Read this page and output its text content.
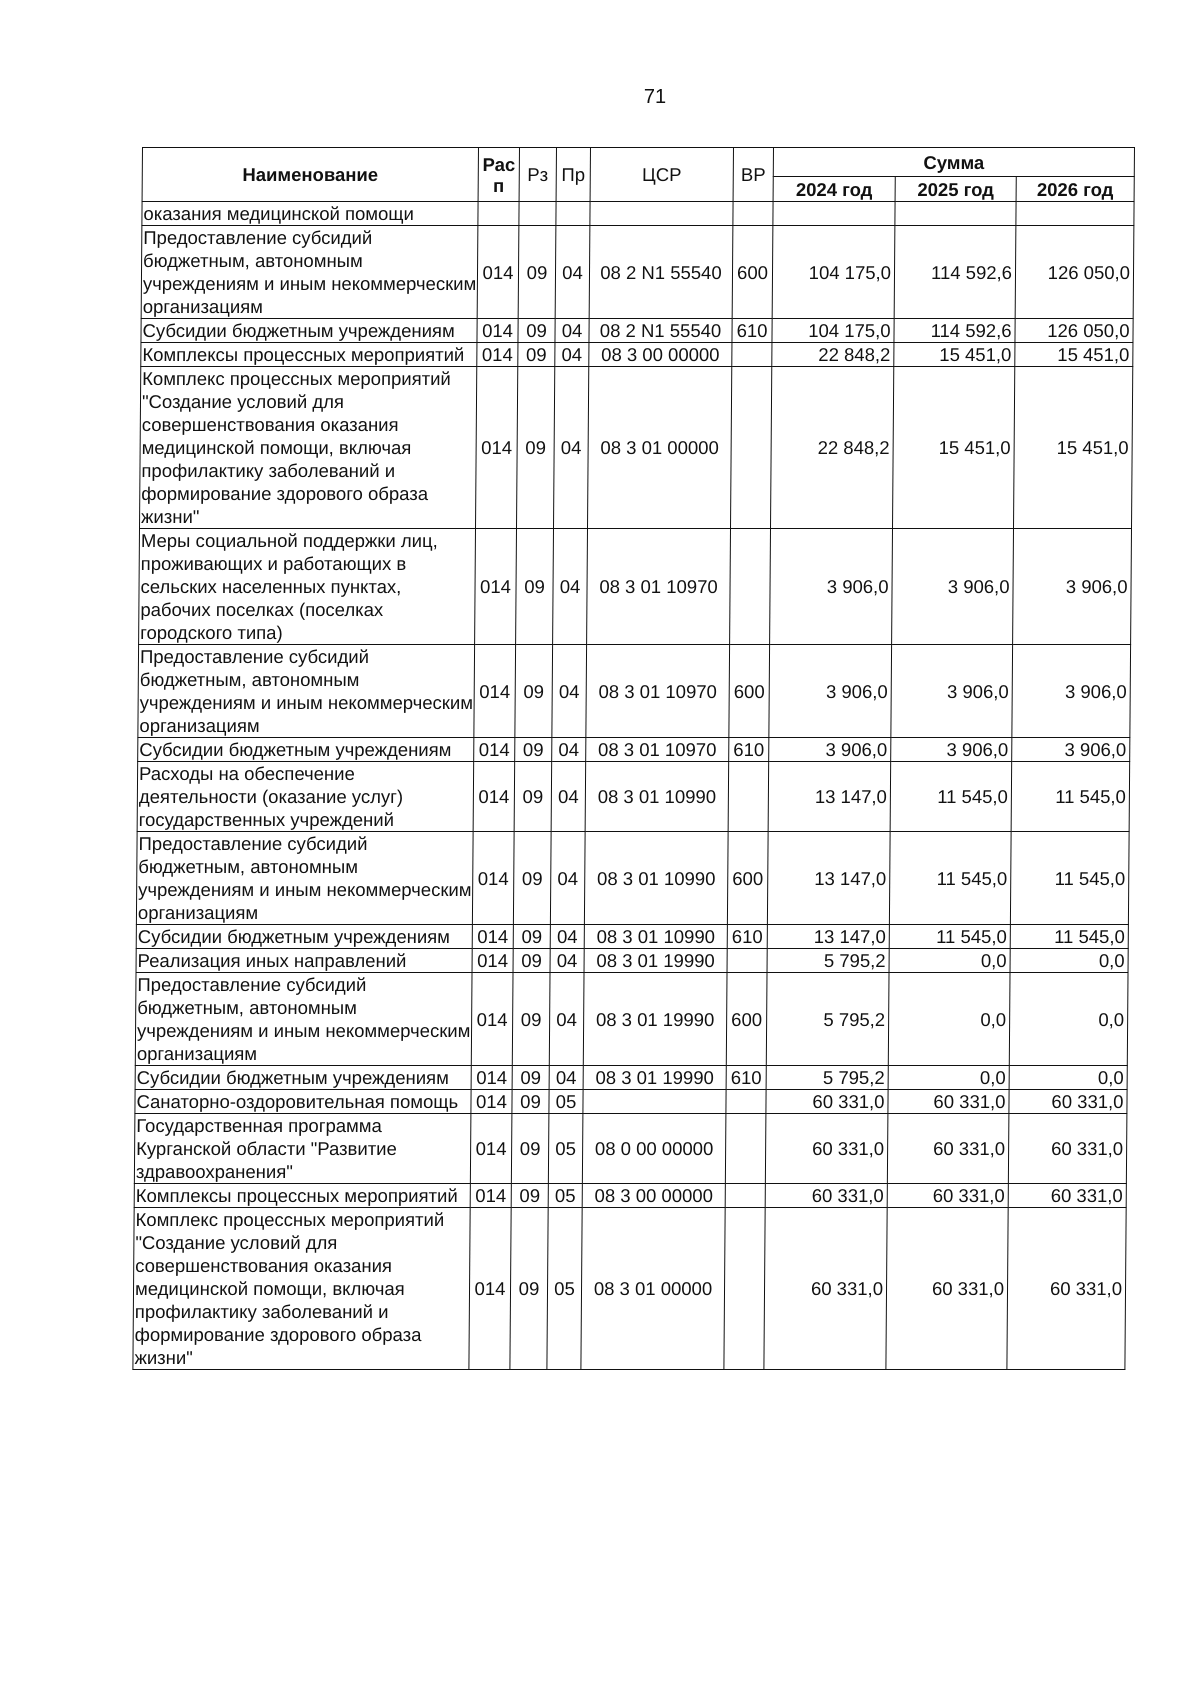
71
Наименование	Рас п	Рз	Пр	ЦСР	ВР	Сумма		
						2024 год	2025 год	2026 год
оказания медицинской помощи								
Предоставление субсидий бюджетным, автономным учреждениям и иным некоммерческим организациям	014	09	04	08 2 N1 55540	600	104 175,0	114 592,6	126 050,0
Субсидии бюджетным учреждениям	014	09	04	08 2 N1 55540	610	104 175,0	114 592,6	126 050,0
Комплексы процессных мероприятий	014	09	04	08 3 00 00000		22 848,2	15 451,0	15 451,0
Комплекс процессных мероприятий "Создание условий для совершенствования оказания медицинской помощи, включая профилактику заболеваний и формирование здорового образа жизни"	014	09	04	08 3 01 00000		22 848,2	15 451,0	15 451,0
Меры социальной поддержки лиц, проживающих и работающих в сельских населенных пунктах, рабочих поселках (поселках городского типа)	014	09	04	08 3 01 10970		3 906,0	3 906,0	3 906,0
Предоставление субсидий бюджетным, автономным учреждениям и иным некоммерческим организациям	014	09	04	08 3 01 10970	600	3 906,0	3 906,0	3 906,0
Субсидии бюджетным учреждениям	014	09	04	08 3 01 10970	610	3 906,0	3 906,0	3 906,0
Расходы на обеспечение деятельности (оказание услуг) государственных учреждений	014	09	04	08 3 01 10990		13 147,0	11 545,0	11 545,0
Предоставление субсидий бюджетным, автономным учреждениям и иным некоммерческим организациям	014	09	04	08 3 01 10990	600	13 147,0	11 545,0	11 545,0
Субсидии бюджетным учреждениям	014	09	04	08 3 01 10990	610	13 147,0	11 545,0	11 545,0
Реализация иных направлений	014	09	04	08 3 01 19990		5 795,2	0,0	0,0
Предоставление субсидий бюджетным, автономным учреждениям и иным некоммерческим организациям	014	09	04	08 3 01 19990	600	5 795,2	0,0	0,0
Субсидии бюджетным учреждениям	014	09	04	08 3 01 19990	610	5 795,2	0,0	0,0
Санаторно-оздоровительная помощь	014	09	05			60 331,0	60 331,0	60 331,0
Государственная программа Курганской области "Развитие здравоохранения"	014	09	05	08 0 00 00000		60 331,0	60 331,0	60 331,0
Комплексы процессных мероприятий	014	09	05	08 3 00 00000		60 331,0	60 331,0	60 331,0
Комплекс процессных мероприятий "Создание условий для совершенствования оказания медицинской помощи, включая профилактику заболеваний и формирование здорового образа жизни"	014	09	05	08 3 01 00000		60 331,0	60 331,0	60 331,0
